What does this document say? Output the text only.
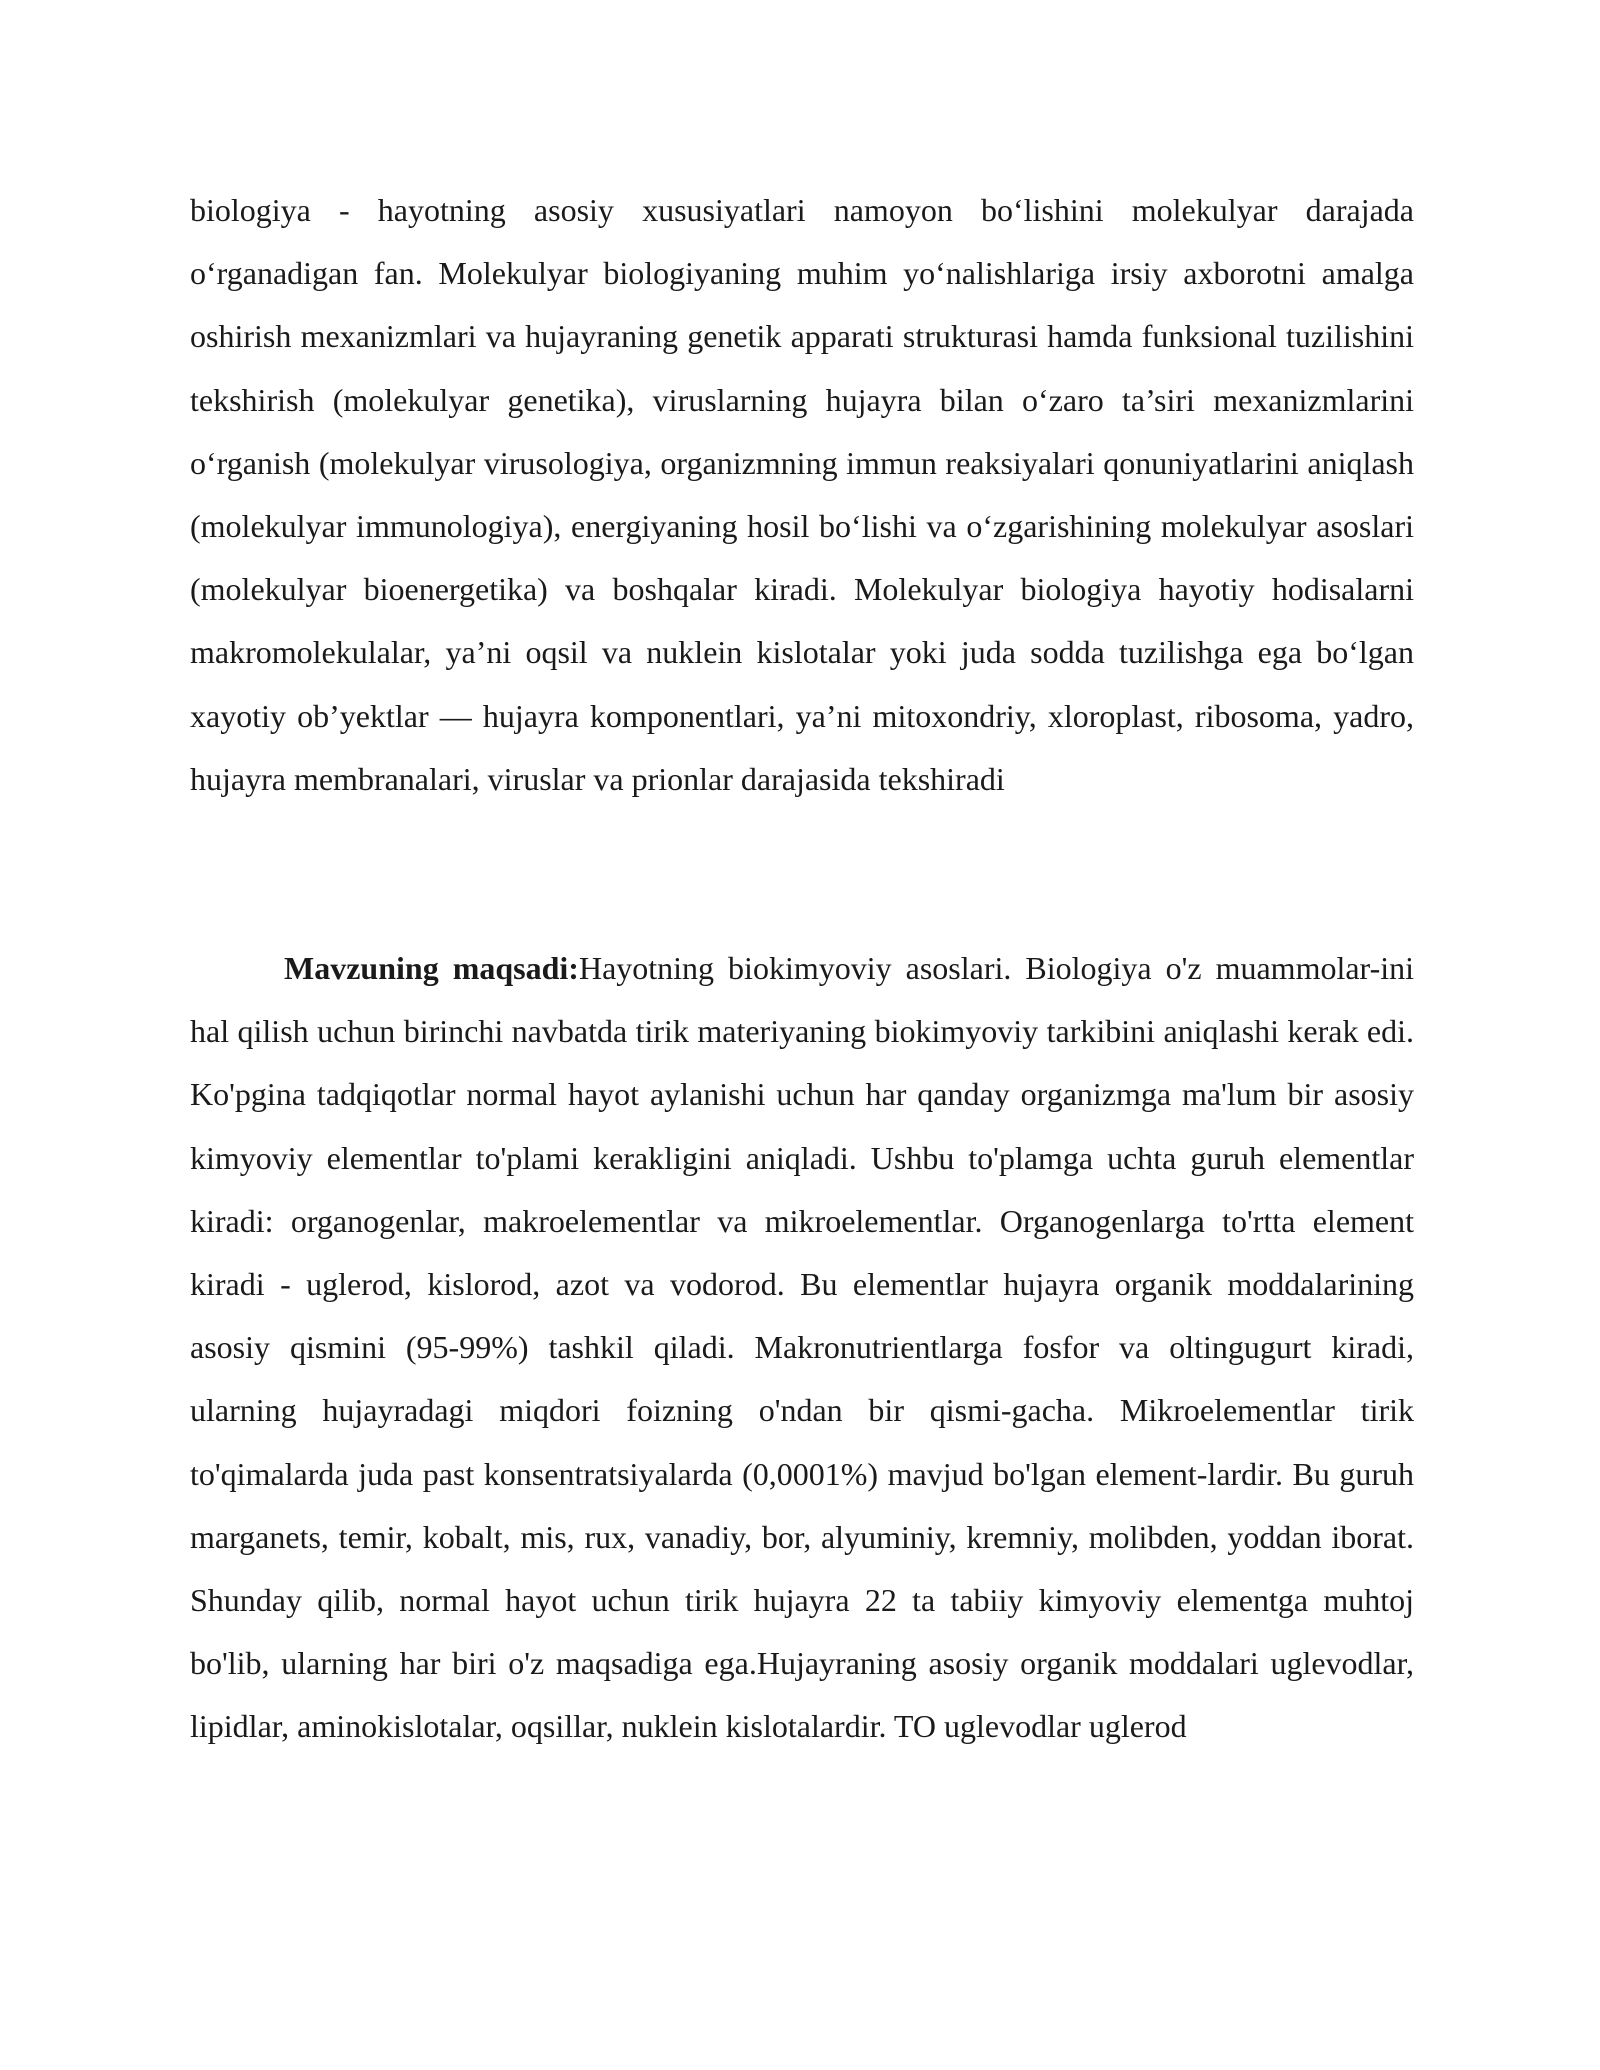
biologiya - hayotning asosiy xususiyatlari namoyon bo‘lishini molekulyar darajada o‘rganadigan fan. Molekulyar biologiyaning muhim yo‘nalishlariga irsiy axborotni amalga oshirish mexanizmlari va hujayraning genetik apparati strukturasi hamda funksional tuzilishini tekshirish (molekulyar genetika), viruslarning hujayra bilan o‘zaro ta’siri mexanizmlarini o‘rganish (molekulyar virusologiya, organizmning immun reaksiyalari qonuniyatlarini aniqlash (molekulyar immunologiya), energiyaning hosil bo‘lishi va o‘zgarishining molekulyar asoslari (molekulyar bioenergetika) va boshqalar kiradi. Molekulyar biologiya hayotiy hodisalarni makromolekulalar, ya’ni oqsil va nuklein kislotalar yoki juda sodda tuzilishga ega bo‘lgan xayotiy ob’yektlar — hujayra komponentlari, ya’ni mitoxondriy, xloroplast, ribosoma, yadro, hujayra membranalari, viruslar va prionlar darajasida tekshiradi

Mavzuning maqsadi:Hayotning biokimyoviy asoslari. Biologiya o'z muammolar-ini hal qilish uchun birinchi navbatda tirik materiyaning biokimyoviy tarkibini aniqlashi kerak edi. Ko'pgina tadqiqotlar normal hayot aylanishi uchun har qanday organizmga ma'lum bir asosiy kimyoviy elementlar to'plami kerakligini aniqladi. Ushbu to'plamga uchta guruh elementlar kiradi: organogenlar, makroelementlar va mikroelementlar. Organogenlarga to'rtta element kiradi - uglerod, kislorod, azot va vodorod. Bu elementlar hujayra organik moddalarining asosiy qismini (95-99%) tashkil qiladi. Makronutrientlarga fosfor va oltingugurt kiradi, ularning hujayradagi miqdori foizning o'ndan bir qismi-gacha. Mikroelementlar tirik to'qimalarda juda past konsentratsiyalarda (0,0001%) mavjud bo'lgan element-lardir. Bu guruh marganets, temir, kobalt, mis, rux, vanadiy, bor, alyuminiy, kremniy, molibden, yoddan iborat. Shunday qilib, normal hayot uchun tirik hujayra 22 ta tabiiy kimyoviy elementga muhtoj bo'lib, ularning har biri o'z maqsadiga ega.Hujayraning asosiy organik moddalari uglevodlar, lipidlar, aminokislotalar, oqsillar, nuklein kislotalardir. TO uglevodlar uglerod
